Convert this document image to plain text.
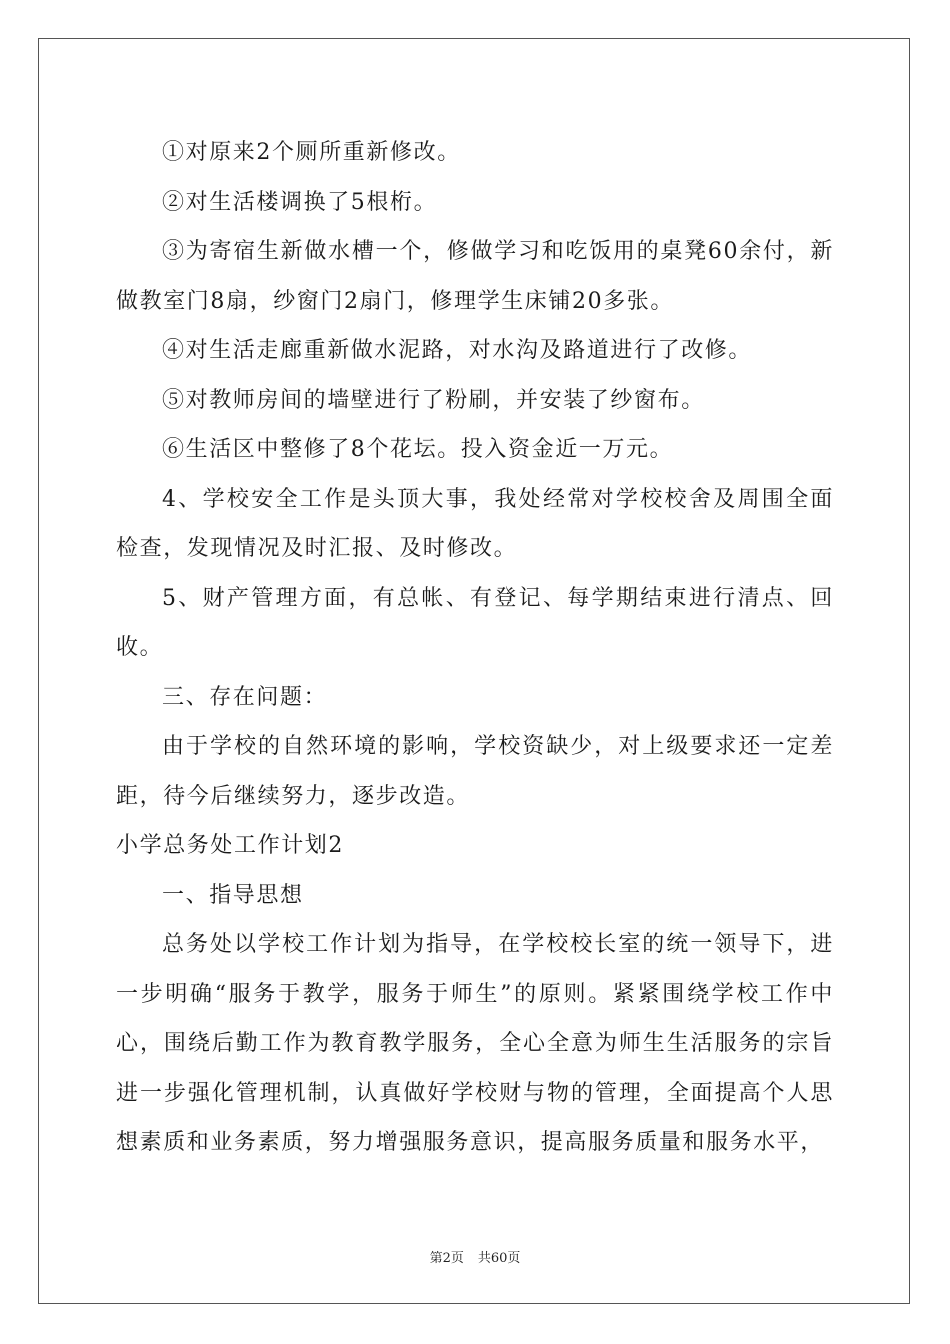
①对原来2个厕所重新修改。

②对生活楼调换了5根桁。

③为寄宿生新做水槽一个，修做学习和吃饭用的桌凳60余付，新做教室门8扇，纱窗门2扇门，修理学生床铺20多张。

④对生活走廊重新做水泥路，对水沟及路道进行了改修。

⑤对教师房间的墙壁进行了粉刷，并安装了纱窗布。

⑥生活区中整修了8个花坛。投入资金近一万元。

4、学校安全工作是头顶大事，我处经常对学校校舍及周围全面检查，发现情况及时汇报、及时修改。

5、财产管理方面，有总帐、有登记、每学期结束进行清点、回收。

三、存在问题：

由于学校的自然环境的影响，学校资缺少，对上级要求还一定差距，待今后继续努力，逐步改造。

小学总务处工作计划2

一、指导思想

总务处以学校工作计划为指导，在学校校长室的统一领导下，进一步明确“服务于教学，服务于师生”的原则。紧紧围绕学校工作中心，围绕后勤工作为教育教学服务，全心全意为师生生活服务的宗旨进一步强化管理机制，认真做好学校财与物的管理，全面提高个人思想素质和业务素质，努力增强服务意识，提高服务质量和服务水平，

第2页 共60页
